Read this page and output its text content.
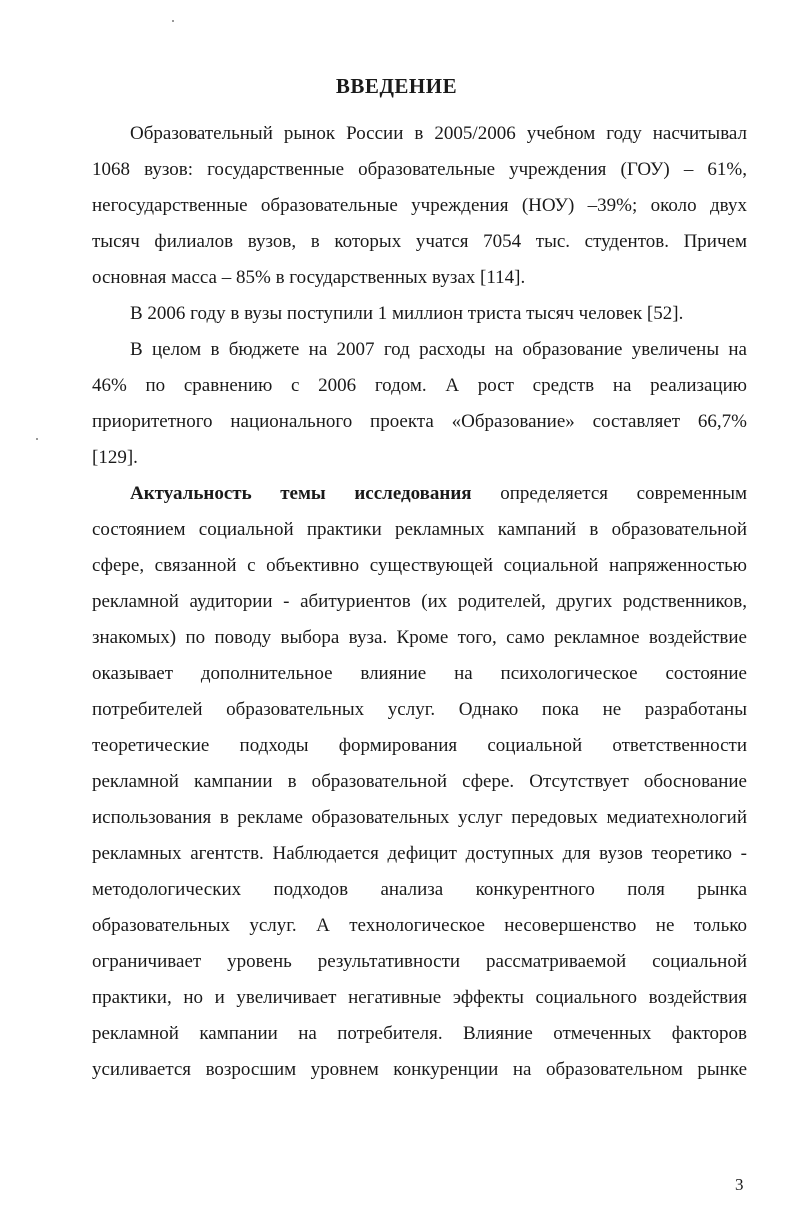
ВВЕДЕНИЕ

Образовательный рынок России в 2005/2006 учебном году насчитывал
1068 вузов: государственные образовательные учреждения (ГОУ) – 61%,
негосударственные образовательные учреждения (НОУ) –39%; около двух
тысяч филиалов вузов, в которых учатся 7054 тыс. студентов. Причем
основная масса – 85% в государственных вузах [114].

В 2006 году в вузы поступили 1 миллион триста тысяч человек [52].

В целом в бюджете на 2007 год расходы на образование увеличены на
46% по сравнению с 2006 годом. А рост средств на реализацию
приоритетного национального проекта «Образование» составляет 66,7%
[129].

Актуальность темы исследования определяется современным
состоянием социальной практики рекламных кампаний в образовательной
сфере, связанной с объективно существующей социальной напряженностью
рекламной аудитории - абитуриентов (их родителей, других родственников,
знакомых) по поводу выбора вуза. Кроме того, само рекламное воздействие
оказывает дополнительное влияние на психологическое состояние
потребителей образовательных услуг. Однако пока не разработаны
теоретические подходы формирования социальной ответственности
рекламной кампании в образовательной сфере. Отсутствует обоснование
использования в рекламе образовательных услуг передовых медиатехнологий
рекламных агентств. Наблюдается дефицит доступных для вузов теоретико -
методологических подходов анализа конкурентного поля рынка
образовательных услуг. А технологическое несовершенство не только
ограничивает уровень результативности рассматриваемой социальной
практики, но и увеличивает негативные эффекты социального воздействия
рекламной кампании на потребителя. Влияние отмеченных факторов
усиливается возросшим уровнем конкуренции на образовательном рынке

3
